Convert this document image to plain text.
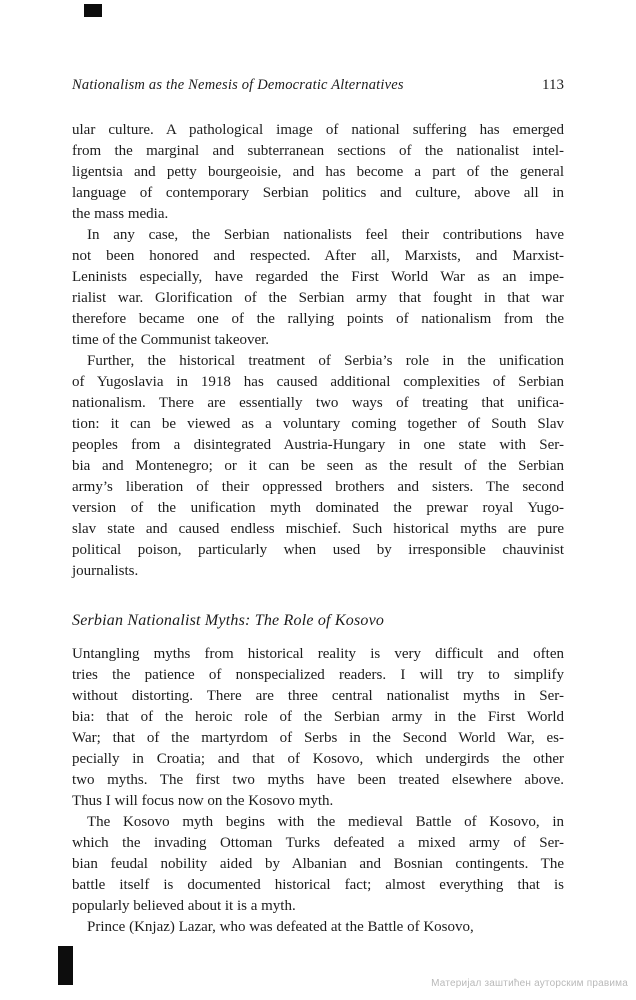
Nationalism as the Nemesis of Democratic Alternatives	113
ular culture. A pathological image of national suffering has emerged
from the marginal and subterranean sections of the nationalist intel-
ligentsia and petty bourgeoisie, and has become a part of the general
language of contemporary Serbian politics and culture, above all in
the mass media.
In any case, the Serbian nationalists feel their contributions have
not been honored and respected. After all, Marxists, and Marxist-
Leninists especially, have regarded the First World War as an impe-
rialist war. Glorification of the Serbian army that fought in that war
therefore became one of the rallying points of nationalism from the
time of the Communist takeover.
Further, the historical treatment of Serbia’s role in the unification
of Yugoslavia in 1918 has caused additional complexities of Serbian
nationalism. There are essentially two ways of treating that unifica-
tion: it can be viewed as a voluntary coming together of South Slav
peoples from a disintegrated Austria-Hungary in one state with Ser-
bia and Montenegro; or it can be seen as the result of the Serbian
army’s liberation of their oppressed brothers and sisters. The second
version of the unification myth dominated the prewar royal Yugo-
slav state and caused endless mischief. Such historical myths are pure
political poison, particularly when used by irresponsible chauvinist
journalists.
Serbian Nationalist Myths: The Role of Kosovo
Untangling myths from historical reality is very difficult and often
tries the patience of nonspecialized readers. I will try to simplify
without distorting. There are three central nationalist myths in Ser-
bia: that of the heroic role of the Serbian army in the First World
War; that of the martyrdom of Serbs in the Second World War, es-
pecially in Croatia; and that of Kosovo, which undergirds the other
two myths. The first two myths have been treated elsewhere above.
Thus I will focus now on the Kosovo myth.
The Kosovo myth begins with the medieval Battle of Kosovo, in
which the invading Ottoman Turks defeated a mixed army of Ser-
bian feudal nobility aided by Albanian and Bosnian contingents. The
battle itself is documented historical fact; almost everything that is
popularly believed about it is a myth.
Prince (Knjaz) Lazar, who was defeated at the Battle of Kosovo,
Материјал заштићен ауторским правима
